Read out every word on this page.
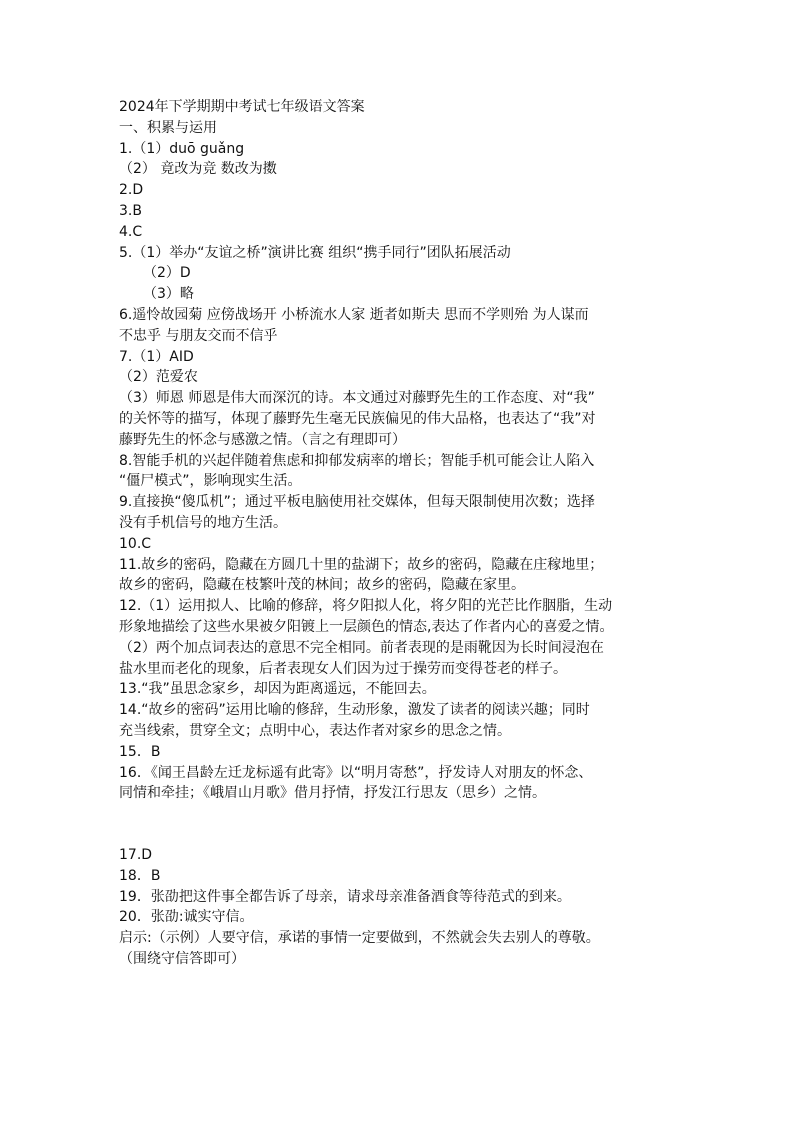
2024年下学期期中考试七年级语文答案
一、积累与运用
1.（1）duō guǎng
（2） 竟改为竞 数改为擞
2.D
3.B
4.C
5.（1）举办“友谊之桥”演讲比赛 组织“携手同行”团队拓展活动
（2）D
（3）略
6.遥怜故园菊 应傍战场开 小桥流水人家 逝者如斯夫 思而不学则殆 为人谋而
不忠乎 与朋友交而不信乎
7.（1）AID
（2）范爱农
（3）师恩 师恩是伟大而深沉的诗。本文通过对藤野先生的工作态度、对“我”
的关怀等的描写，体现了藤野先生毫无民族偏见的伟大品格，也表达了“我”对
藤野先生的怀念与感激之情。（言之有理即可）
8.智能手机的兴起伴随着焦虑和抑郁发病率的增长；智能手机可能会让人陷入
“僵尸模式”，影响现实生活。
9.直接换“傻瓜机”；通过平板电脑使用社交媒体，但每天限制使用次数；选择
没有手机信号的地方生活。
10.C
11.故乡的密码，隐藏在方圆几十里的盐湖下；故乡的密码，隐藏在庄稼地里；
故乡的密码，隐藏在枝繁叶茂的林间；故乡的密码，隐藏在家里。
12.（1）运用拟人、比喻的修辞，将夕阳拟人化，将夕阳的光芒比作胭脂，生动
形象地描绘了这些水果被夕阳镀上一层颜色的情态,表达了作者内心的喜爱之情。
（2）两个加点词表达的意思不完全相同。前者表现的是雨靴因为长时间浸泡在
盐水里而老化的现象，后者表现女人们因为过于操劳而变得苍老的样子。
13.“我”虽思念家乡，却因为距离遥远，不能回去。
14.“故乡的密码”运用比喻的修辞，生动形象，激发了读者的阅读兴趣；同时
充当线索，贯穿全文；点明中心，表达作者对家乡的思念之情。
15．B
16．《闻王昌龄左迁龙标遥有此寄》以“明月寄愁”，抒发诗人对朋友的怀念、
同情和牵挂；《峨眉山月歌》借月抒情，抒发江行思友（思乡）之情。
17.D
18．B
19．张劭把这件事全都告诉了母亲，请求母亲准备酒食等待范式的到来。
20．张劭:诚实守信。
启示:（示例）人要守信，承诺的事情一定要做到，不然就会失去别人的尊敬。
（围绕守信答即可）
